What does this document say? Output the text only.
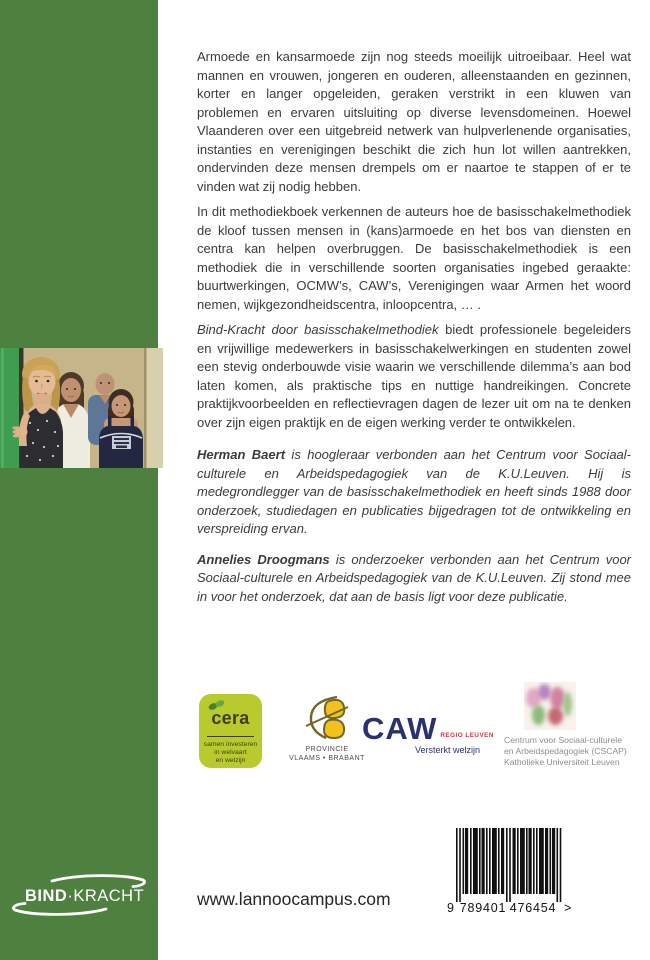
BIND·KRACHT

Armoede en kansarmoede zijn nog steeds moeilijk uitroeibaar. Heel wat mannen en vrouwen, jongeren en ouderen, alleenstaanden en gezinnen, korter en langer opgeleiden, geraken verstrikt in een kluwen van problemen en ervaren uitsluiting op diverse levensdomeinen. Hoewel Vlaanderen over een uitgebreid netwerk van hulpverlenende organisaties, instanties en verenigingen beschikt die zich hun lot willen aantrekken, ondervinden deze mensen drempels om er naartoe te stappen of er te vinden wat zij nodig hebben.

In dit methodiekboek verkennen de auteurs hoe de basisschakelmethodiek de kloof tussen mensen in (kans)armoede en het bos van diensten en centra kan helpen overbruggen. De basisschakelmethodiek is een methodiek die in verschillende soorten organisaties ingebed geraakte: buurtwerkingen, OCMW’s, CAW’s, Verenigingen waar Armen het woord nemen, wijkgezondheidscentra, inloopcentra, … .

Bind-Kracht door basisschakelmethodiek biedt professionele begeleiders en vrijwillige medewerkers in basisschakelwerkingen en studenten zowel een stevig onderbouwde visie waarin we verschillende dilemma’s aan bod laten komen, als praktische tips en nuttige handreikingen. Concrete praktijkvoorbeelden en reflectievragen dagen de lezer uit om na te denken over zijn eigen praktijk en de eigen werking verder te ontwikkelen.

Herman Baert is hoogleraar verbonden aan het Centrum voor Sociaal-culturele en Arbeidspedagogiek van de K.U.Leuven. Hij is medegrondlegger van de basisschakelmethodiek en heeft sinds 1988 door onderzoek, studiedagen en publicaties bijgedragen tot de ontwikkeling en verspreiding ervan.

Annelies Droogmans is onderzoeker verbonden aan het Centrum voor Sociaal-culturele en Arbeidspedagogiek van de K.U.Leuven. Zij stond mee in voor het onderzoek, dat aan de basis ligt voor deze publicatie.

cera
samen investeren
in welvaart
en welzijn
PROVINCIE
VLAAMS • BRABANT
CAW REGIO LEUVEN
Versterkt welzijn
Centrum voor Sociaal-culturele
en Arbeidspedagogiek (CSCAP)
Katholieke Universiteit Leuven
www.lannoocampus.com	9 789401 476454 >
